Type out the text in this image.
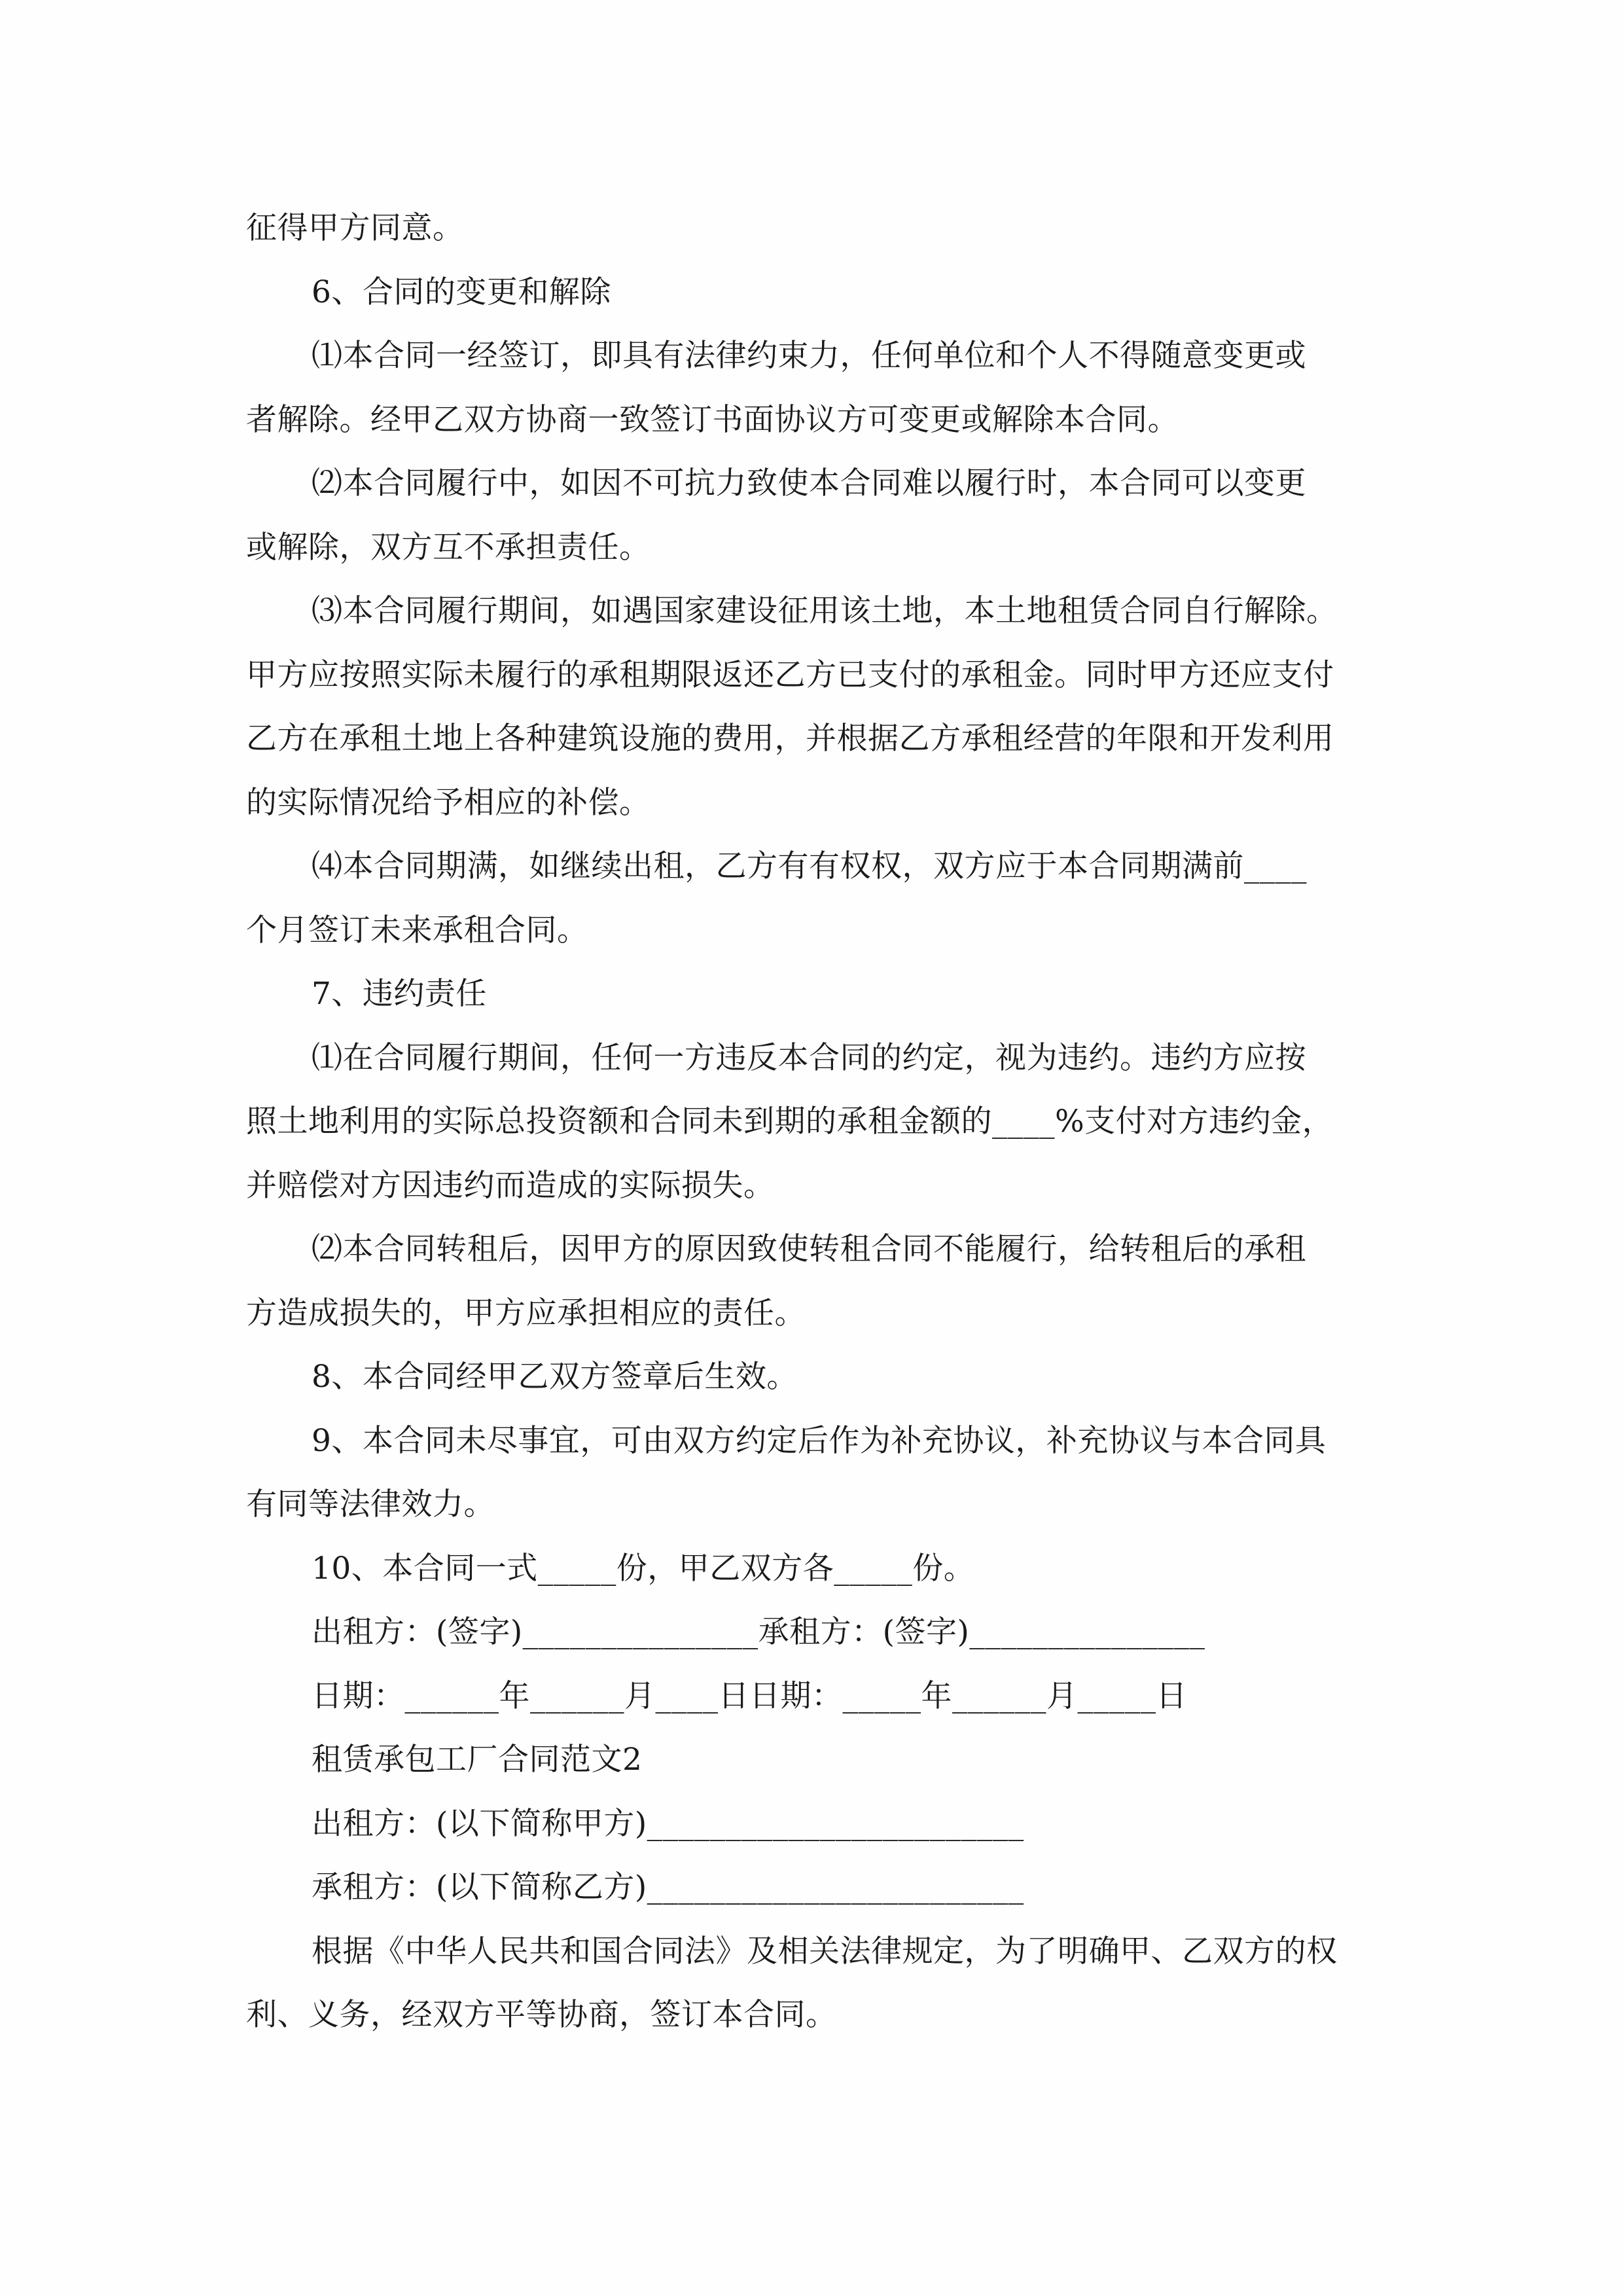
征得甲方同意。

6、合同的变更和解除

⑴本合同一经签订，即具有法律约束力，任何单位和个人不得随意变更或

者解除。经甲乙双方协商一致签订书面协议方可变更或解除本合同。

⑵本合同履行中，如因不可抗力致使本合同难以履行时，本合同可以变更

或解除，双方互不承担责任。

⑶本合同履行期间，如遇国家建设征用该土地，本土地租赁合同自行解除。

甲方应按照实际未履行的承租期限返还乙方已支付的承租金。同时甲方还应支付

乙方在承租土地上各种建筑设施的费用，并根据乙方承租经营的年限和开发利用

的实际情况给予相应的补偿。

⑷本合同期满，如继续出租，乙方有有权权，双方应于本合同期满前____

个月签订未来承租合同。

7、违约责任

⑴在合同履行期间，任何一方违反本合同的约定，视为违约。违约方应按

照土地利用的实际总投资额和合同未到期的承租金额的____%支付对方违约金，

并赔偿对方因违约而造成的实际损失。

⑵本合同转租后，因甲方的原因致使转租合同不能履行，给转租后的承租

方造成损失的，甲方应承担相应的责任。

8、本合同经甲乙双方签章后生效。

9、本合同未尽事宜，可由双方约定后作为补充协议，补充协议与本合同具

有同等法律效力。

10、本合同一式_____份，甲乙双方各_____份。

出租方：(签字)_______________承租方：(签字)_______________

日期：______年______月____日日期：_____年______月_____日

租赁承包工厂合同范文2

出租方：(以下简称甲方)________________________

承租方：(以下简称乙方)________________________

根据《中华人民共和国合同法》及相关法律规定，为了明确甲、乙双方的权

利、义务，经双方平等协商，签订本合同。
